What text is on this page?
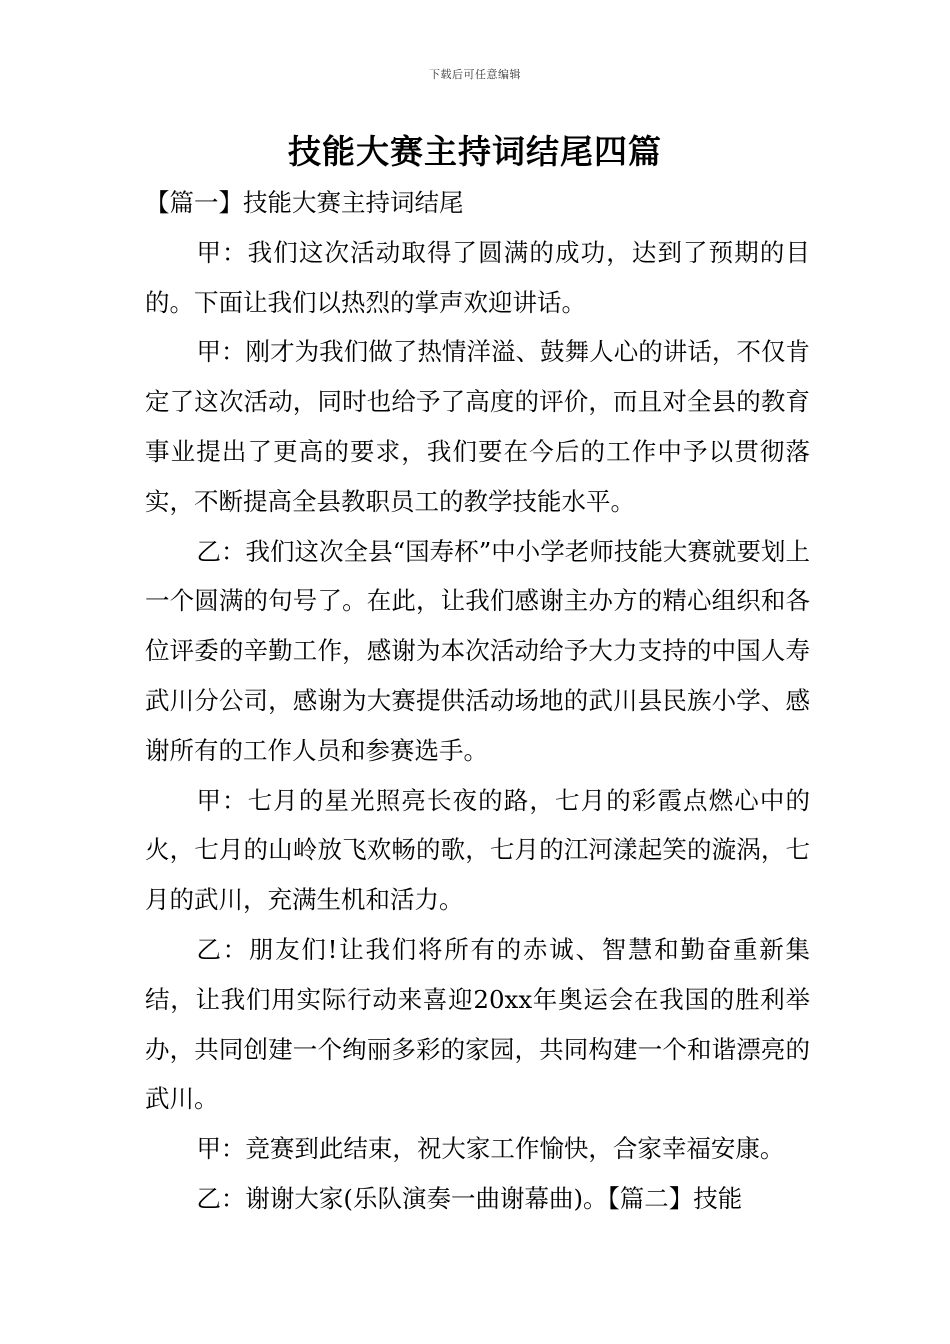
下载后可任意编辑
技能大赛主持词结尾四篇

【篇一】技能大赛主持词结尾

甲：我们这次活动取得了圆满的成功，达到了预期的目的。下面让我们以热烈的掌声欢迎讲话。

甲：刚才为我们做了热情洋溢、鼓舞人心的讲话，不仅肯定了这次活动，同时也给予了高度的评价，而且对全县的教育事业提出了更高的要求，我们要在今后的工作中予以贯彻落实，不断提高全县教职员工的教学技能水平。

乙：我们这次全县“国寿杯”中小学老师技能大赛就要划上一个圆满的句号了。在此，让我们感谢主办方的精心组织和各位评委的辛勤工作，感谢为本次活动给予大力支持的中国人寿武川分公司，感谢为大赛提供活动场地的武川县民族小学、感谢所有的工作人员和参赛选手。

甲：七月的星光照亮长夜的路，七月的彩霞点燃心中的火，七月的山岭放飞欢畅的歌，七月的江河漾起笑的漩涡，七月的武川，充满生机和活力。

乙：朋友们!让我们将所有的赤诚、智慧和勤奋重新集结，让我们用实际行动来喜迎20xx年奥运会在我国的胜利举办，共同创建一个绚丽多彩的家园，共同构建一个和谐漂亮的武川。

甲：竞赛到此结束，祝大家工作愉快，合家幸福安康。

乙：谢谢大家(乐队演奏一曲谢幕曲)。【篇二】技能
